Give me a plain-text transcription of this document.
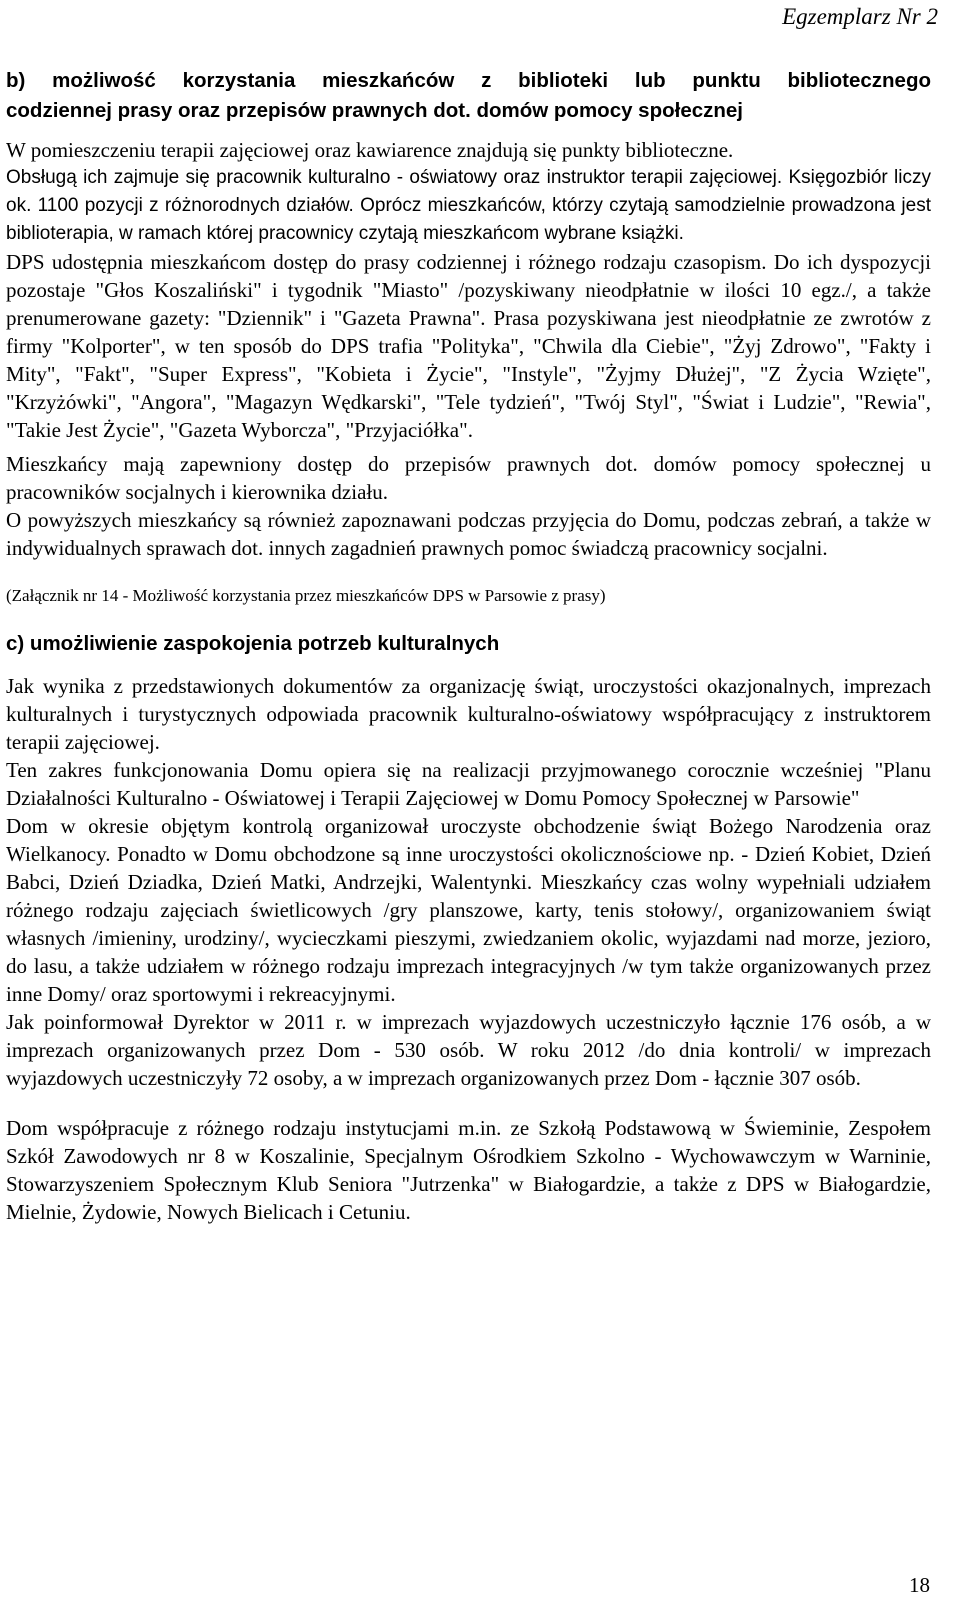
Egzemplarz Nr 2

b) możliwość korzystania mieszkańców z biblioteki lub punktu bibliotecznego

codziennej prasy oraz przepisów prawnych dot. domów pomocy społecznej

W pomieszczeniu terapii zajęciowej oraz kawiarence znajdują się punkty biblioteczne.

Obsługą ich zajmuje się pracownik kulturalno - oświatowy oraz instruktor terapii zajęciowej. Księgozbiór liczy ok. 1100 pozycji z różnorodnych działów. Oprócz mieszkańców, którzy czytają samodzielnie prowadzona jest biblioterapia, w ramach której pracownicy czytają mieszkańcom wybrane książki.

DPS udostępnia mieszkańcom dostęp do prasy codziennej i różnego rodzaju czasopism. Do ich dyspozycji pozostaje "Głos Koszaliński" i tygodnik "Miasto" /pozyskiwany nieodpłatnie w ilości 10 egz./, a także prenumerowane gazety: "Dziennik" i "Gazeta Prawna". Prasa pozyskiwana jest nieodpłatnie ze zwrotów z firmy "Kolporter", w ten sposób do DPS trafia "Polityka", "Chwila dla Ciebie", "Żyj Zdrowo", "Fakty i Mity", "Fakt", "Super Express", "Kobieta i Życie", "Instyle", "Żyjmy Dłużej", "Z Życia Wzięte", "Krzyżówki", "Angora", "Magazyn Wędkarski", "Tele tydzień", "Twój Styl", "Świat i Ludzie", "Rewia", "Takie Jest Życie", "Gazeta Wyborcza", "Przyjaciółka".

Mieszkańcy mają zapewniony dostęp do przepisów prawnych dot. domów pomocy społecznej u pracowników socjalnych i kierownika działu.

O powyższych mieszkańcy są również zapoznawani podczas przyjęcia do Domu, podczas zebrań, a także w indywidualnych sprawach dot. innych zagadnień prawnych pomoc świadczą pracownicy socjalni.

(Załącznik nr 14 - Możliwość korzystania przez mieszkańców DPS w Parsowie z prasy)

c) umożliwienie zaspokojenia potrzeb kulturalnych

Jak wynika z przedstawionych dokumentów za organizację świąt, uroczystości okazjonalnych, imprezach kulturalnych i turystycznych odpowiada pracownik kulturalno-oświatowy współpracujący z instruktorem terapii zajęciowej.

Ten zakres funkcjonowania Domu opiera się na realizacji przyjmowanego corocznie wcześniej "Planu Działalności Kulturalno - Oświatowej i Terapii Zajęciowej w Domu Pomocy Społecznej w Parsowie"

Dom w okresie objętym kontrolą organizował uroczyste obchodzenie świąt Bożego Narodzenia oraz Wielkanocy. Ponadto w Domu obchodzone są inne uroczystości okolicznościowe np. - Dzień Kobiet, Dzień Babci, Dzień Dziadka, Dzień Matki, Andrzejki, Walentynki. Mieszkańcy czas wolny wypełniali udziałem różnego rodzaju zajęciach świetlicowych /gry planszowe, karty, tenis stołowy/, organizowaniem świąt własnych /imieniny, urodziny/, wycieczkami pieszymi, zwiedzaniem okolic, wyjazdami nad morze, jezioro, do lasu, a także udziałem w różnego rodzaju imprezach integracyjnych /w tym także organizowanych przez inne Domy/ oraz sportowymi i rekreacyjnymi.

Jak poinformował Dyrektor w 2011 r. w imprezach wyjazdowych uczestniczyło łącznie 176 osób, a w imprezach organizowanych przez Dom - 530 osób. W roku 2012 /do dnia kontroli/ w imprezach wyjazdowych uczestniczyły 72 osoby, a w imprezach organizowanych przez Dom - łącznie 307 osób.

Dom współpracuje z różnego rodzaju instytucjami m.in. ze Szkołą Podstawową w Świeminie, Zespołem Szkół Zawodowych nr 8 w Koszalinie, Specjalnym Ośrodkiem Szkolno - Wychowawczym w Warninie, Stowarzyszeniem Społecznym Klub Seniora "Jutrzenka" w Białogardzie, a także z DPS w Białogardzie, Mielnie, Żydowie, Nowych Bielicach i Cetuniu.

18
